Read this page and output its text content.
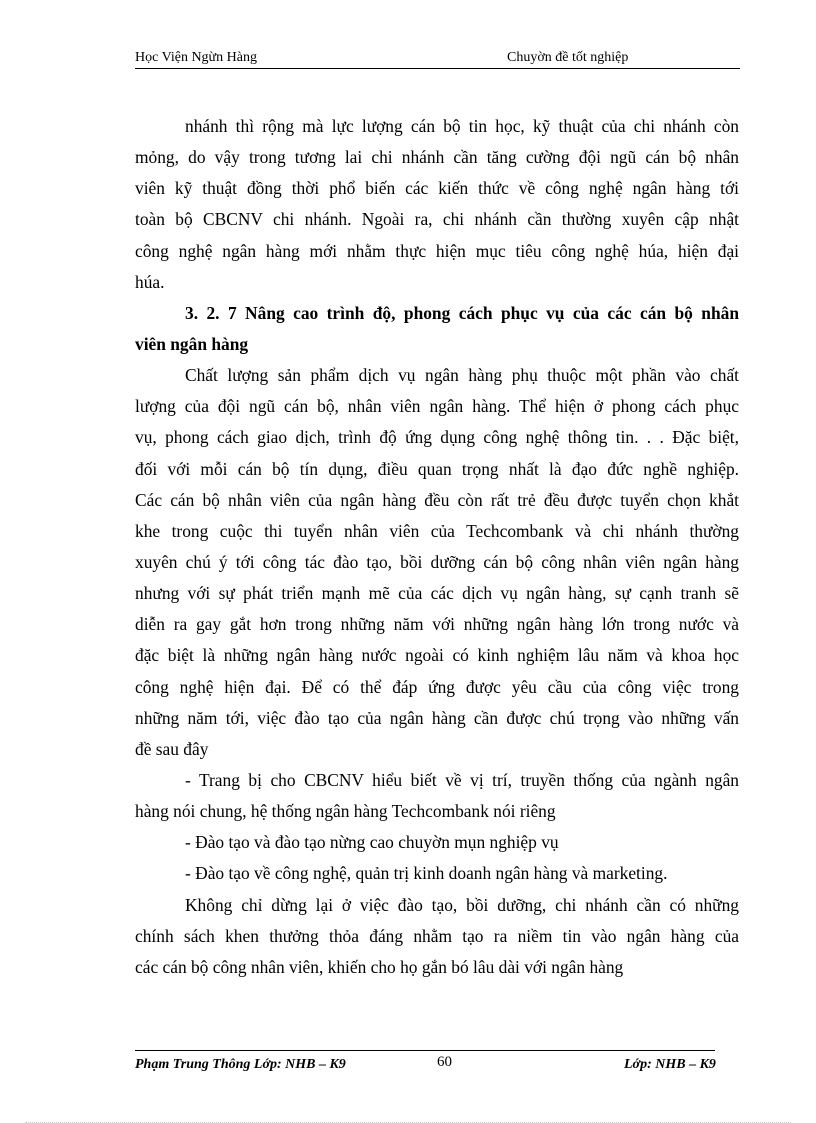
Học Viện Ngừn Hàng	Chuyờn đề tốt nghiệp
nhánh thì rộng mà lực lượng cán bộ tin học, kỹ thuật của chi nhánh còn
mỏng, do vậy trong tương lai chi nhánh cần tăng cường đội ngũ cán bộ nhân
viên kỹ thuật đồng thời phổ biến các kiến thức về công nghệ ngân hàng tới
toàn bộ CBCNV chi nhánh. Ngoài ra, chi nhánh cần thường xuyên cập nhật
công nghệ ngân hàng mới nhằm thực hiện mục tiêu công nghệ húa, hiện đại
húa.
3. 2. 7 Nâng cao trình độ, phong cách phục vụ của các cán bộ nhân
viên ngân hàng
Chất lượng sản phẩm dịch vụ ngân hàng phụ thuộc một phần vào chất
lượng của đội ngũ cán bộ, nhân viên ngân hàng. Thể hiện ở phong cách phục
vụ, phong cách giao dịch, trình độ ứng dụng công nghệ thông tin. . . Đặc biệt,
đối với mỗi cán bộ tín dụng, điều quan trọng nhất là đạo đức nghề nghiệp.
Các cán bộ nhân viên của ngân hàng đều còn rất trẻ đều được tuyển chọn khắt
khe trong cuộc thi tuyển nhân viên của Techcombank và chi nhánh thường
xuyên chú ý tới công tác đào tạo, bồi dưỡng cán bộ công nhân viên ngân hàng
nhưng với sự phát triển mạnh mẽ của các dịch vụ ngân hàng, sự cạnh tranh sẽ
diễn ra gay gắt hơn trong những năm với những ngân hàng lớn trong nước và
đặc biệt là những ngân hàng nước ngoài có kinh nghiệm lâu năm và khoa học
công nghệ hiện đại. Để có thể đáp ứng được yêu cầu của công việc trong
những năm tới, việc đào tạo của ngân hàng cần được chú trọng vào những vấn
đề sau đây
- Trang bị cho CBCNV hiểu biết về vị trí, truyền thống của ngành ngân
hàng nói chung, hệ thống ngân hàng Techcombank nói riêng
- Đào tạo và đào tạo nừng cao chuyờn mụn nghiệp vụ
- Đào tạo về công nghệ, quản trị kinh doanh ngân hàng và marketing.
Không chỉ dừng lại ở việc đào tạo, bồi dưỡng, chi nhánh cần có những
chính sách khen thưởng thỏa đáng nhằm tạo ra niềm tin vào ngân hàng của
các cán bộ công nhân viên, khiến cho họ gắn bó lâu dài với ngân hàng
Phạm Trung Thông Lớp: NHB – K9	60	Lớp: NHB – K9
